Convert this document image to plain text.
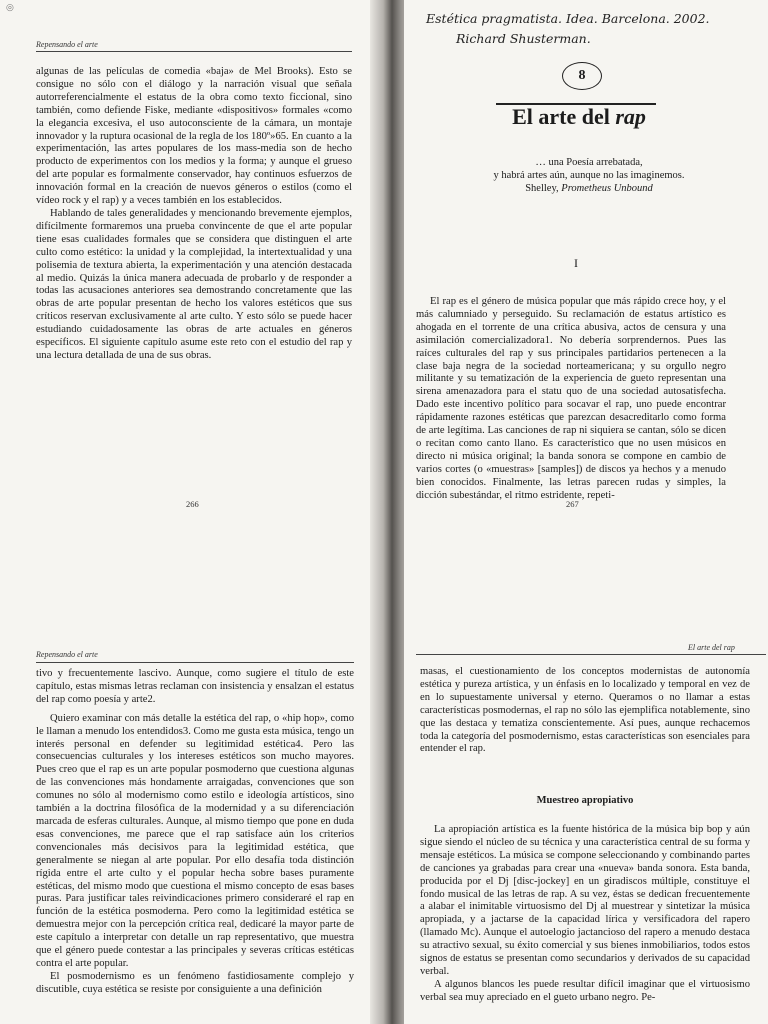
◎
Repensando el arte

algunas de las películas de comedia «baja» de Mel Brooks). Esto se consigue no sólo con el diálogo y la narración visual que señala autorreferencialmente el estatus de la obra como texto ficcional, sino también, como defiende Fiske, mediante «dispositivos» formales «como la elegancia excesiva, el uso autoconsciente de la cámara, un montaje innovador y la ruptura ocasional de la regla de los 180º»65. En cuanto a la experimentación, las artes populares de los mass-media son de hecho producto de experimentos con los medios y la forma; y aunque el grueso del arte popular es formalmente conservador, hay continuos esfuerzos de innovación formal en la creación de nuevos géneros o estilos (como el vídeo rock y el rap) y a veces también en los establecidos.

Hablando de tales generalidades y mencionando brevemente ejemplos, difícilmente formaremos una prueba convincente de que el arte popular tiene esas cualidades formales que se considera que distinguen el arte culto como estético: la unidad y la complejidad, la intertextualidad y una polisemia de textura abierta, la experimentación y una atención destacada al medio. Quizás la única manera adecuada de probarlo y de responder a todas las acusaciones anteriores sea demostrando concretamente que las obras de arte popular presentan de hecho los valores estéticos que sus críticos reservan exclusivamente al arte culto. Y esto sólo se puede hacer estudiando cuidadosamente las obras de arte actuales en géneros específicos. El siguiente capítulo asume este reto con el estudio del rap y una lectura detallada de una de sus obras.

Estética pragmatista. Idea. Barcelona. 2002.
Richard Shusterman.
8
El arte del rap
… una Poesía arrebatada,
y habrá artes aún, aunque no las imaginemos.
Shelley, Prometheus Unbound
I

El rap es el género de música popular que más rápido crece hoy, y el más calumniado y perseguido. Su reclamación de estatus artístico es ahogada en el torrente de una crítica abusiva, actos de censura y una asimilación comercializadora1. No debería sorprendernos. Pues las raíces culturales del rap y sus principales partidarios pertenecen a la clase baja negra de la sociedad norteamericana; y su orgullo negro militante y su tematización de la experiencia de gueto representan una sirena amenazadora para el statu quo de una sociedad autosatisfecha. Dado este incentivo político para socavar el rap, uno puede encontrar rápidamente razones estéticas que parezcan desacreditarlo como forma de arte legítima. Las canciones de rap ni siquiera se cantan, sólo se dicen o recitan como canto llano. Es característico que no usen músicos en directo ni música original; la banda sonora se compone en cambio de varios cortes (o «muestras» [samples]) de discos ya hechos y a menudo bien conocidos. Finalmente, las letras parecen rudas y simples, la dicción subestándar, el ritmo estridente, repeti-

266	267
Repensando el arte

tivo y frecuentemente lascivo. Aunque, como sugiere el título de este capítulo, estas mismas letras reclaman con insistencia y ensalzan el estatus del rap como poesía y arte2.

Quiero examinar con más detalle la estética del rap, o «hip hop», como le llaman a menudo los entendidos3. Como me gusta esta música, tengo un interés personal en defender su legitimidad estética4. Pero las consecuencias culturales y los intereses estéticos son mucho mayores. Pues creo que el rap es un arte popular posmoderno que cuestiona algunas de las convenciones más hondamente arraigadas, convenciones que son comunes no sólo al modernismo como estilo e ideología artísticos, sino también a la doctrina filosófica de la modernidad y a su diferenciación marcada de esferas culturales. Aunque, al mismo tiempo que pone en duda esas convenciones, me parece que el rap satisface aún los criterios convencionales más decisivos para la legitimidad estética, que generalmente se niegan al arte popular. Por ello desafía toda distinción rígida entre el arte culto y el popular hecha sobre bases puramente estéticas, del mismo modo que cuestiona el mismo concepto de esas bases puras. Para justificar tales reivindicaciones primero consideraré el rap en función de la estética posmoderna. Pero como la legitimidad estética se demuestra mejor con la percepción crítica real, dedicaré la mayor parte de este capítulo a interpretar con detalle un rap representativo, que muestra que el género puede contestar a las principales y severas críticas estéticas contra el arte popular.

El posmodernismo es un fenómeno fastidiosamente complejo y discutible, cuya estética se resiste por consiguiente a una definición

El arte del rap

masas, el cuestionamiento de los conceptos modernistas de autonomía estética y pureza artística, y un énfasis en lo localizado y temporal en vez de en lo supuestamente universal y eterno. Queramos o no llamar a estas características posmodernas, el rap no sólo las ejemplifica notablemente, sino que las destaca y tematiza conscientemente. Así pues, aunque rechacemos toda la categoría del posmodernismo, estas características son esenciales para entender el rap.

Muestreo apropiativo

La apropiación artística es la fuente histórica de la música bip bop y aún sigue siendo el núcleo de su técnica y una característica central de su forma y mensaje estéticos. La música se compone seleccionando y combinando partes de canciones ya grabadas para crear una «nueva» banda sonora. Esta banda, producida por el Dj [disc-jockey] en un giradiscos múltiple, constituye el fondo musical de las letras de rap. A su vez, éstas se dedican frecuentemente a alabar el inimitable virtuosismo del Dj al muestrear y sintetizar la música apropiada, y a jactarse de la capacidad lírica y versificadora del rapero (llamado Mc). Aunque el autoelogio jactancioso del rapero a menudo destaca su atractivo sexual, su éxito comercial y sus bienes inmobiliarios, todos estos signos de estatus se presentan como secundarios y derivados de su capacidad verbal.

A algunos blancos les puede resultar difícil imaginar que el virtuosismo verbal sea muy apreciado en el gueto urbano negro. Pe-
